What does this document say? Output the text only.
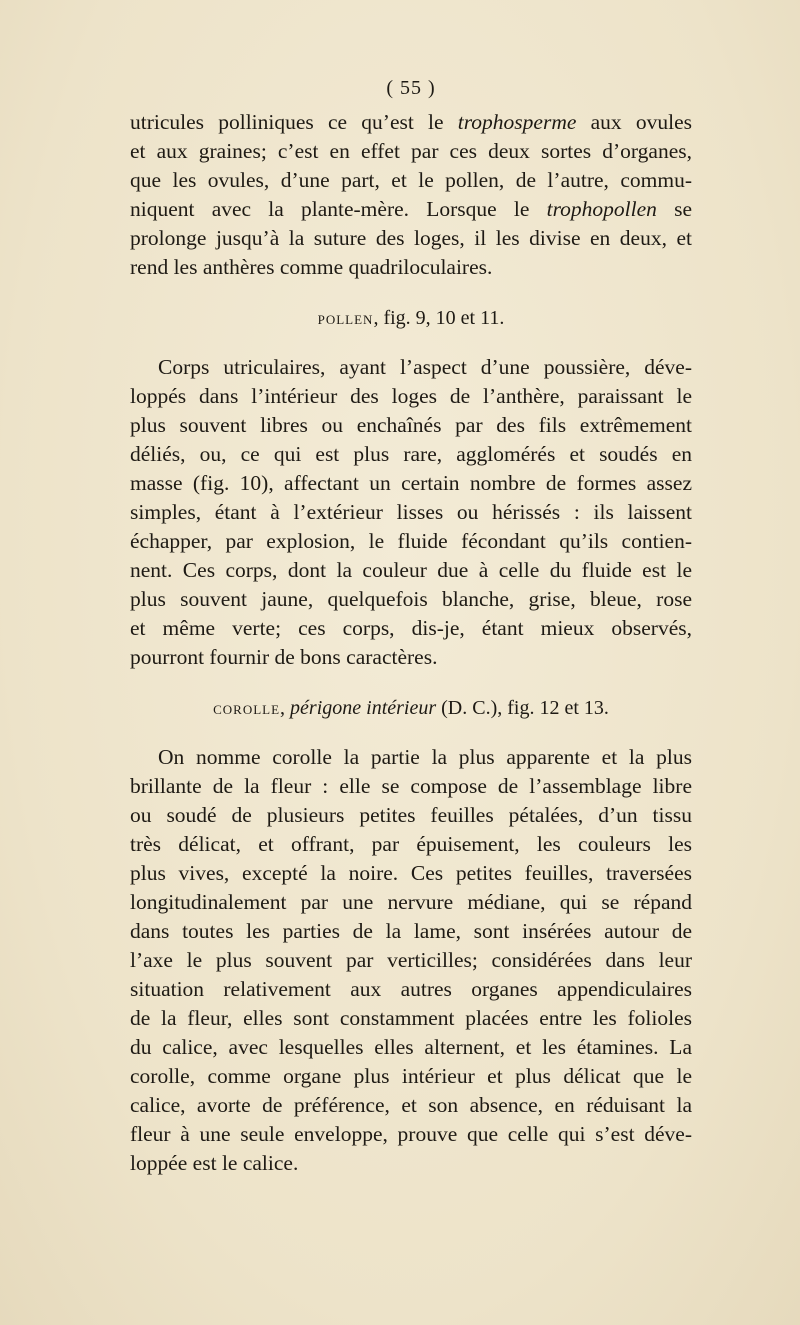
( 55 )
utricules polliniques ce qu’est le trophosperme aux ovules
et aux graines; c’est en effet par ces deux sortes d’organes,
que les ovules, d’une part, et le pollen, de l’autre, commu-
niquent avec la plante-mère. Lorsque le trophopollen se
prolonge jusqu’à la suture des loges, il les divise en deux, et
rend les anthères comme quadriloculaires.
pollen, fig. 9, 10 et 11.
Corps utriculaires, ayant l’aspect d’une poussière, déve-
loppés dans l’intérieur des loges de l’anthère, paraissant le
plus souvent libres ou enchaînés par des fils extrêmement
déliés, ou, ce qui est plus rare, agglomérés et soudés en
masse (fig. 10), affectant un certain nombre de formes assez
simples, étant à l’extérieur lisses ou hérissés : ils laissent
échapper, par explosion, le fluide fécondant qu’ils contien-
nent. Ces corps, dont la couleur due à celle du fluide est le
plus souvent jaune, quelquefois blanche, grise, bleue, rose
et même verte; ces corps, dis-je, étant mieux observés,
pourront fournir de bons caractères.
corolle, périgone intérieur (D. C.), fig. 12 et 13.
On nomme corolle la partie la plus apparente et la plus
brillante de la fleur : elle se compose de l’assemblage libre
ou soudé de plusieurs petites feuilles pétalées, d’un tissu
très délicat, et offrant, par épuisement, les couleurs les
plus vives, excepté la noire. Ces petites feuilles, traversées
longitudinalement par une nervure médiane, qui se répand
dans toutes les parties de la lame, sont insérées autour de
l’axe le plus souvent par verticilles; considérées dans leur
situation relativement aux autres organes appendiculaires
de la fleur, elles sont constamment placées entre les folioles
du calice, avec lesquelles elles alternent, et les étamines. La
corolle, comme organe plus intérieur et plus délicat que le
calice, avorte de préférence, et son absence, en réduisant la
fleur à une seule enveloppe, prouve que celle qui s’est déve-
loppée est le calice.
